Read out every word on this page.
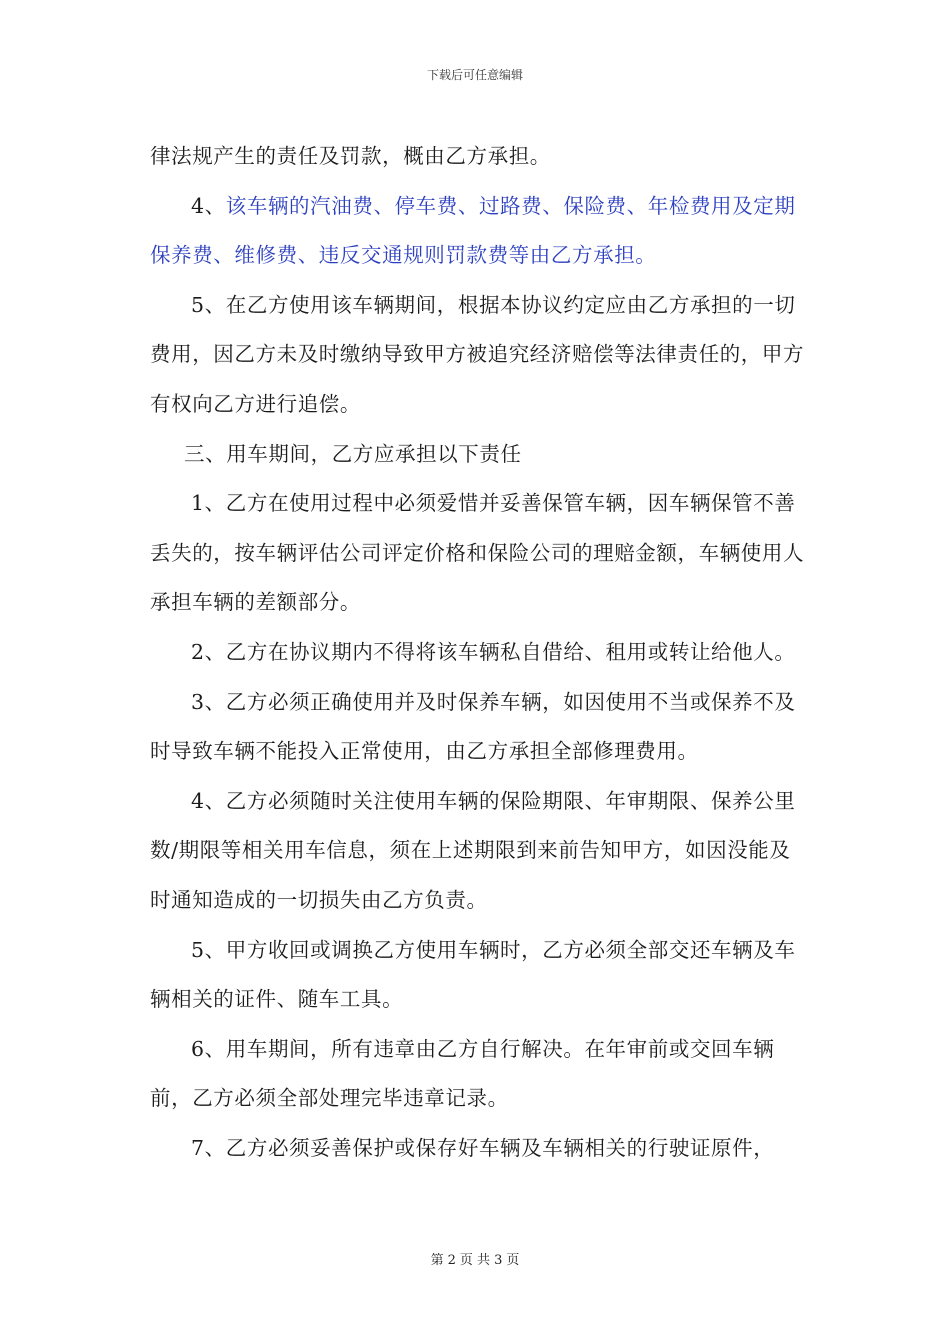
下载后可任意编辑

律法规产生的责任及罚款，概由乙方承担。

4、该车辆的汽油费、停车费、过路费、保险费、年检费用及定期保养费、维修费、违反交通规则罚款费等由乙方承担。

5、在乙方使用该车辆期间，根据本协议约定应由乙方承担的一切费用，因乙方未及时缴纳导致甲方被追究经济赔偿等法律责任的，甲方有权向乙方进行追偿。

三、用车期间，乙方应承担以下责任

1、乙方在使用过程中必须爱惜并妥善保管车辆，因车辆保管不善丢失的，按车辆评估公司评定价格和保险公司的理赔金额，车辆使用人承担车辆的差额部分。

2、乙方在协议期内不得将该车辆私自借给、租用或转让给他人。

3、乙方必须正确使用并及时保养车辆，如因使用不当或保养不及时导致车辆不能投入正常使用，由乙方承担全部修理费用。

4、乙方必须随时关注使用车辆的保险期限、年审期限、保养公里数/期限等相关用车信息，须在上述期限到来前告知甲方，如因没能及时通知造成的一切损失由乙方负责。

5、甲方收回或调换乙方使用车辆时，乙方必须全部交还车辆及车辆相关的证件、随车工具。

6、用车期间，所有违章由乙方自行解决。在年审前或交回车辆前，乙方必须全部处理完毕违章记录。

7、乙方必须妥善保护或保存好车辆及车辆相关的行驶证原件，

第 2 页 共 3 页
